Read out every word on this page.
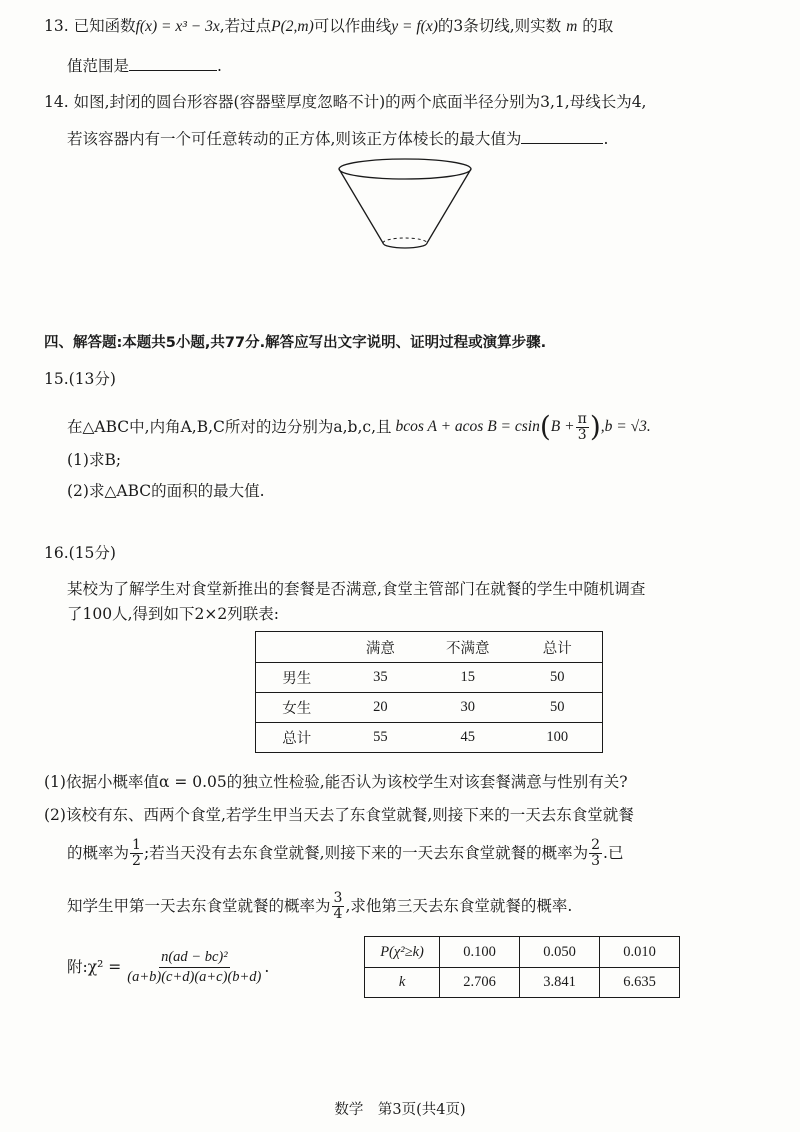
13. 已知函数f(x) = x³ − 3x,若过点P(2,m)可以作曲线y = f(x)的3条切线,则实数 m 的取
值范围是	.
14. 如图,封闭的圆台形容器(容器壁厚度忽略不计)的两个底面半径分别为3,1,母线长为4,
若该容器内有一个可任意转动的正方体,则该正方体棱长的最大值为	.
四、解答题:本题共5小题,共77分.解答应写出文字说明、证明过程或演算步骤.
15.(13分)
在△ABC中,内角A,B,C所对的边分别为a,b,c,且 bcos A + acos B = csin ( $B + \frac{\pi}{3}$ ) ,b = √3.
(1)求B;
(2)求△ABC的面积的最大值.
16.(15分)
某校为了解学生对食堂新推出的套餐是否满意,食堂主管部门在就餐的学生中随机调查
了100人,得到如下2×2列联表:
	满意	不满意	总计
男生	35	15	50
女生	20	30	50
总计	55	45	100
(1)依据小概率值α = 0.05的独立性检验,能否认为该校学生对该套餐满意与性别有关?
(2)该校有东、西两个食堂,若学生甲当天去了东食堂就餐,则接下来的一天去东食堂就餐
的概率为 $\frac{1}{2}$ ;若当天没有去东食堂就餐,则接下来的一天去东食堂就餐的概率为 $\frac{2}{3}$ .已
知学生甲第一天去东食堂就餐的概率为 $\frac{3}{4}$ ,求他第三天去东食堂就餐的概率.
附:χ² = $\frac{\text{n(ad − bc)²}}{(a+b)(c+d)(a+c)(b+d)}$ .
P(χ²≥k)	0.100	0.050	0.010
k	2.706	3.841	6.635
数学　第3页(共4页)
